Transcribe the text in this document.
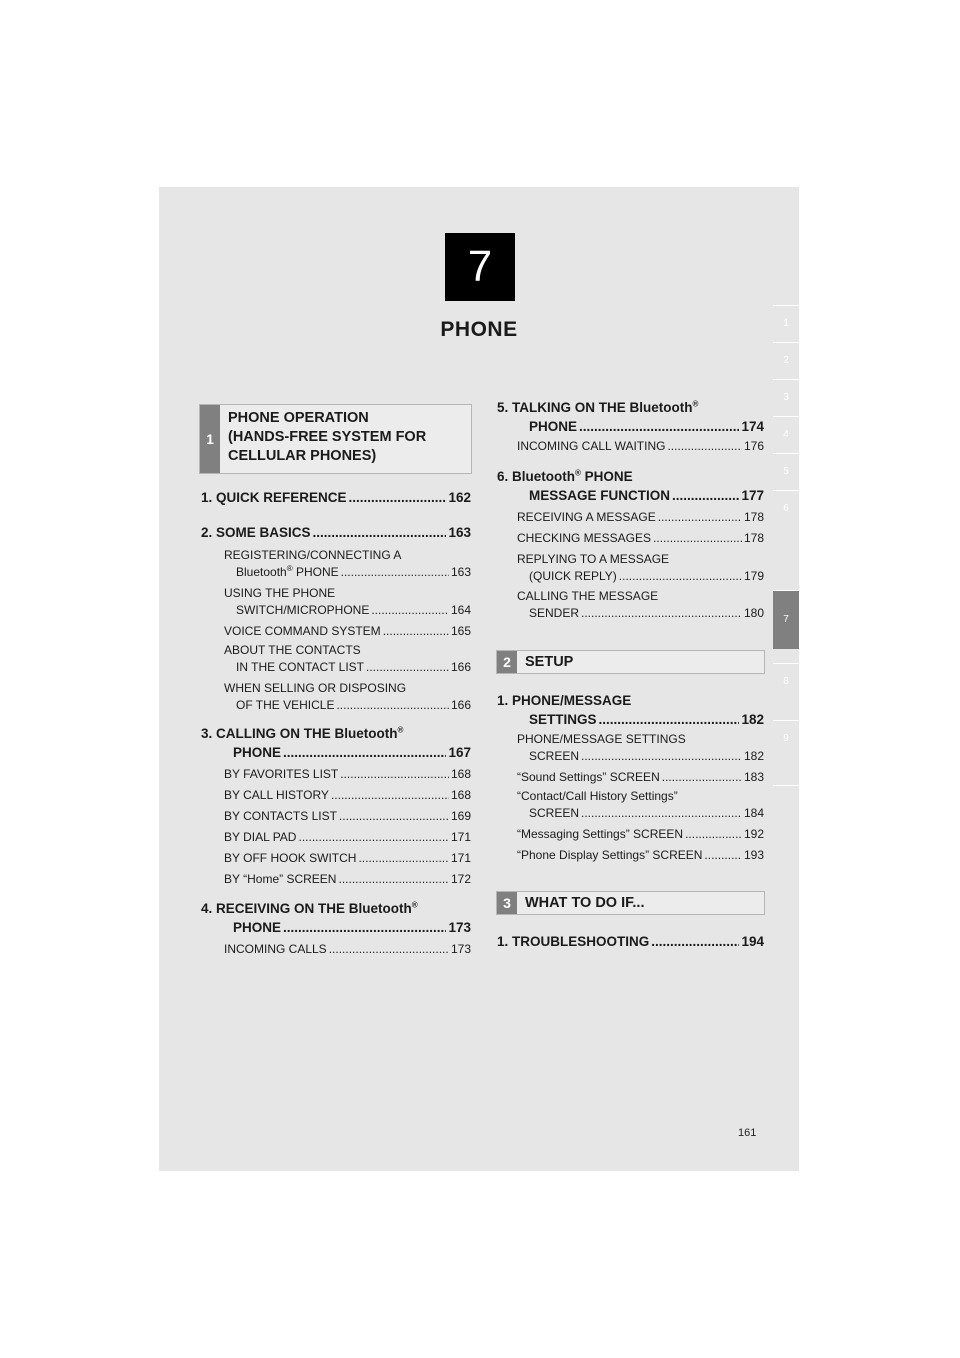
7
PHONE	1
2
3
4
5
6
7
8
9
1
PHONE OPERATION
(HANDS-FREE SYSTEM FOR
CELLULAR PHONES)
1. QUICK REFERENCE .....	162
2. SOME BASICS .....	163
REGISTERING/CONNECTING A
Bluetooth® PHONE .....	163
USING THE PHONE
SWITCH/MICROPHONE .....	164
VOICE COMMAND SYSTEM .....	165
ABOUT THE CONTACTS
IN THE CONTACT LIST .....	166
WHEN SELLING OR DISPOSING
OF THE VEHICLE .....	166
3. CALLING ON THE Bluetooth®
PHONE .....	167
BY FAVORITES LIST .....	168
BY CALL HISTORY .....	168
BY CONTACTS LIST .....	169
BY DIAL PAD .....	171
BY OFF HOOK SWITCH .....	171
BY “Home” SCREEN .....	172
4. RECEIVING ON THE Bluetooth®
PHONE .....	173
INCOMING CALLS .....	173
5. TALKING ON THE Bluetooth®
PHONE .....	174
INCOMING CALL WAITING .....	176
6. Bluetooth® PHONE
MESSAGE FUNCTION .....	177
RECEIVING A MESSAGE .....	178
CHECKING MESSAGES .....	178
REPLYING TO A MESSAGE
(QUICK REPLY) .....	179
CALLING THE MESSAGE
SENDER .....	180
2 SETUP
1. PHONE/MESSAGE
SETTINGS .....	182
PHONE/MESSAGE SETTINGS
SCREEN .....	182
“Sound Settings” SCREEN .....	183
“Contact/Call History Settings”
SCREEN .....	184
“Messaging Settings” SCREEN .....	192
“Phone Display Settings” SCREEN .....	193
3 WHAT TO DO IF...
1. TROUBLESHOOTING .....	194
161
